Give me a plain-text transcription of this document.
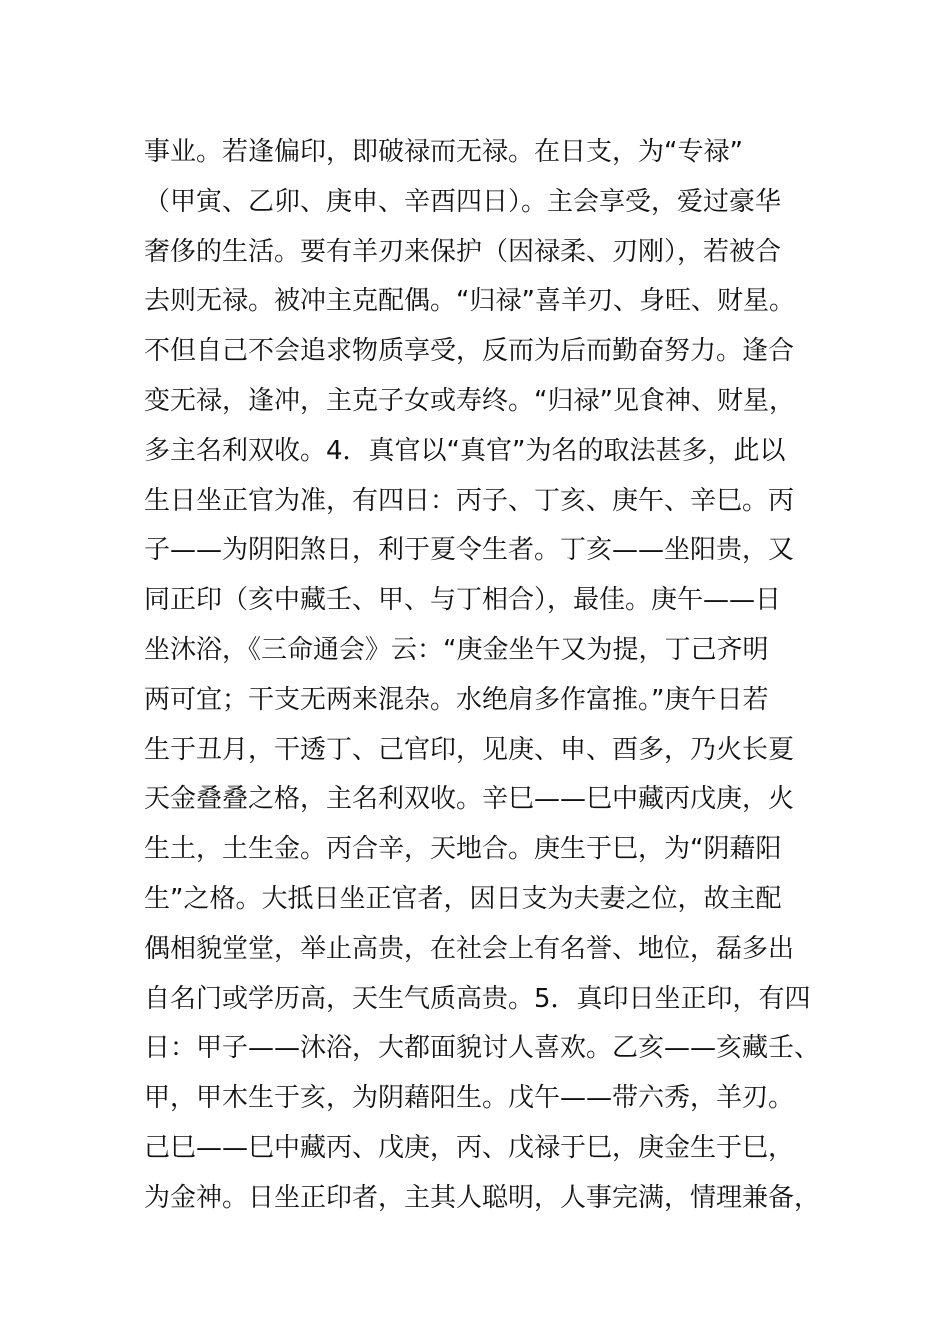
事业。若逢偏印，即破禄而无禄。在日支，为“专禄”
（甲寅、乙卯、庚申、辛酉四日）。主会享受，爱过豪华
奢侈的生活。要有羊刃来保护（因禄柔、刃刚），若被合
去则无禄。被冲主克配偶。“归禄”喜羊刃、身旺、财星。
不但自己不会追求物质享受，反而为后而勤奋努力。逢合
变无禄，逢冲，主克子女或寿终。“归禄”见食神、财星，
多主名利双收。4．真官以“真官”为名的取法甚多，此以
生日坐正官为准，有四日：丙子、丁亥、庚午、辛巳。丙
子——为阴阳煞日，利于夏令生者。丁亥——坐阳贵，又
同正印（亥中藏壬、甲、与丁相合），最佳。庚午——日
坐沐浴，《三命通会》云：“庚金坐午又为提，丁己齐明
两可宜；干支无两来混杂。水绝肩多作富推。”庚午日若
生于丑月，干透丁、己官印，见庚、申、酉多，乃火长夏
天金叠叠之格，主名利双收。辛巳——巳中藏丙戊庚，火
生土，土生金。丙合辛，天地合。庚生于巳，为“阴藉阳
生”之格。大抵日坐正官者，因日支为夫妻之位，故主配
偶相貌堂堂，举止高贵，在社会上有名誉、地位，磊多出
自名门或学历高，天生气质高贵。5．真印日坐正印，有四
日：甲子——沐浴，大都面貌讨人喜欢。乙亥——亥藏壬、
甲，甲木生于亥，为阴藉阳生。戊午——带六秀，羊刃。
己巳——巳中藏丙、戊庚，丙、戊禄于巳，庚金生于巳，
为金神。日坐正印者，主其人聪明，人事完满，情理兼备，
